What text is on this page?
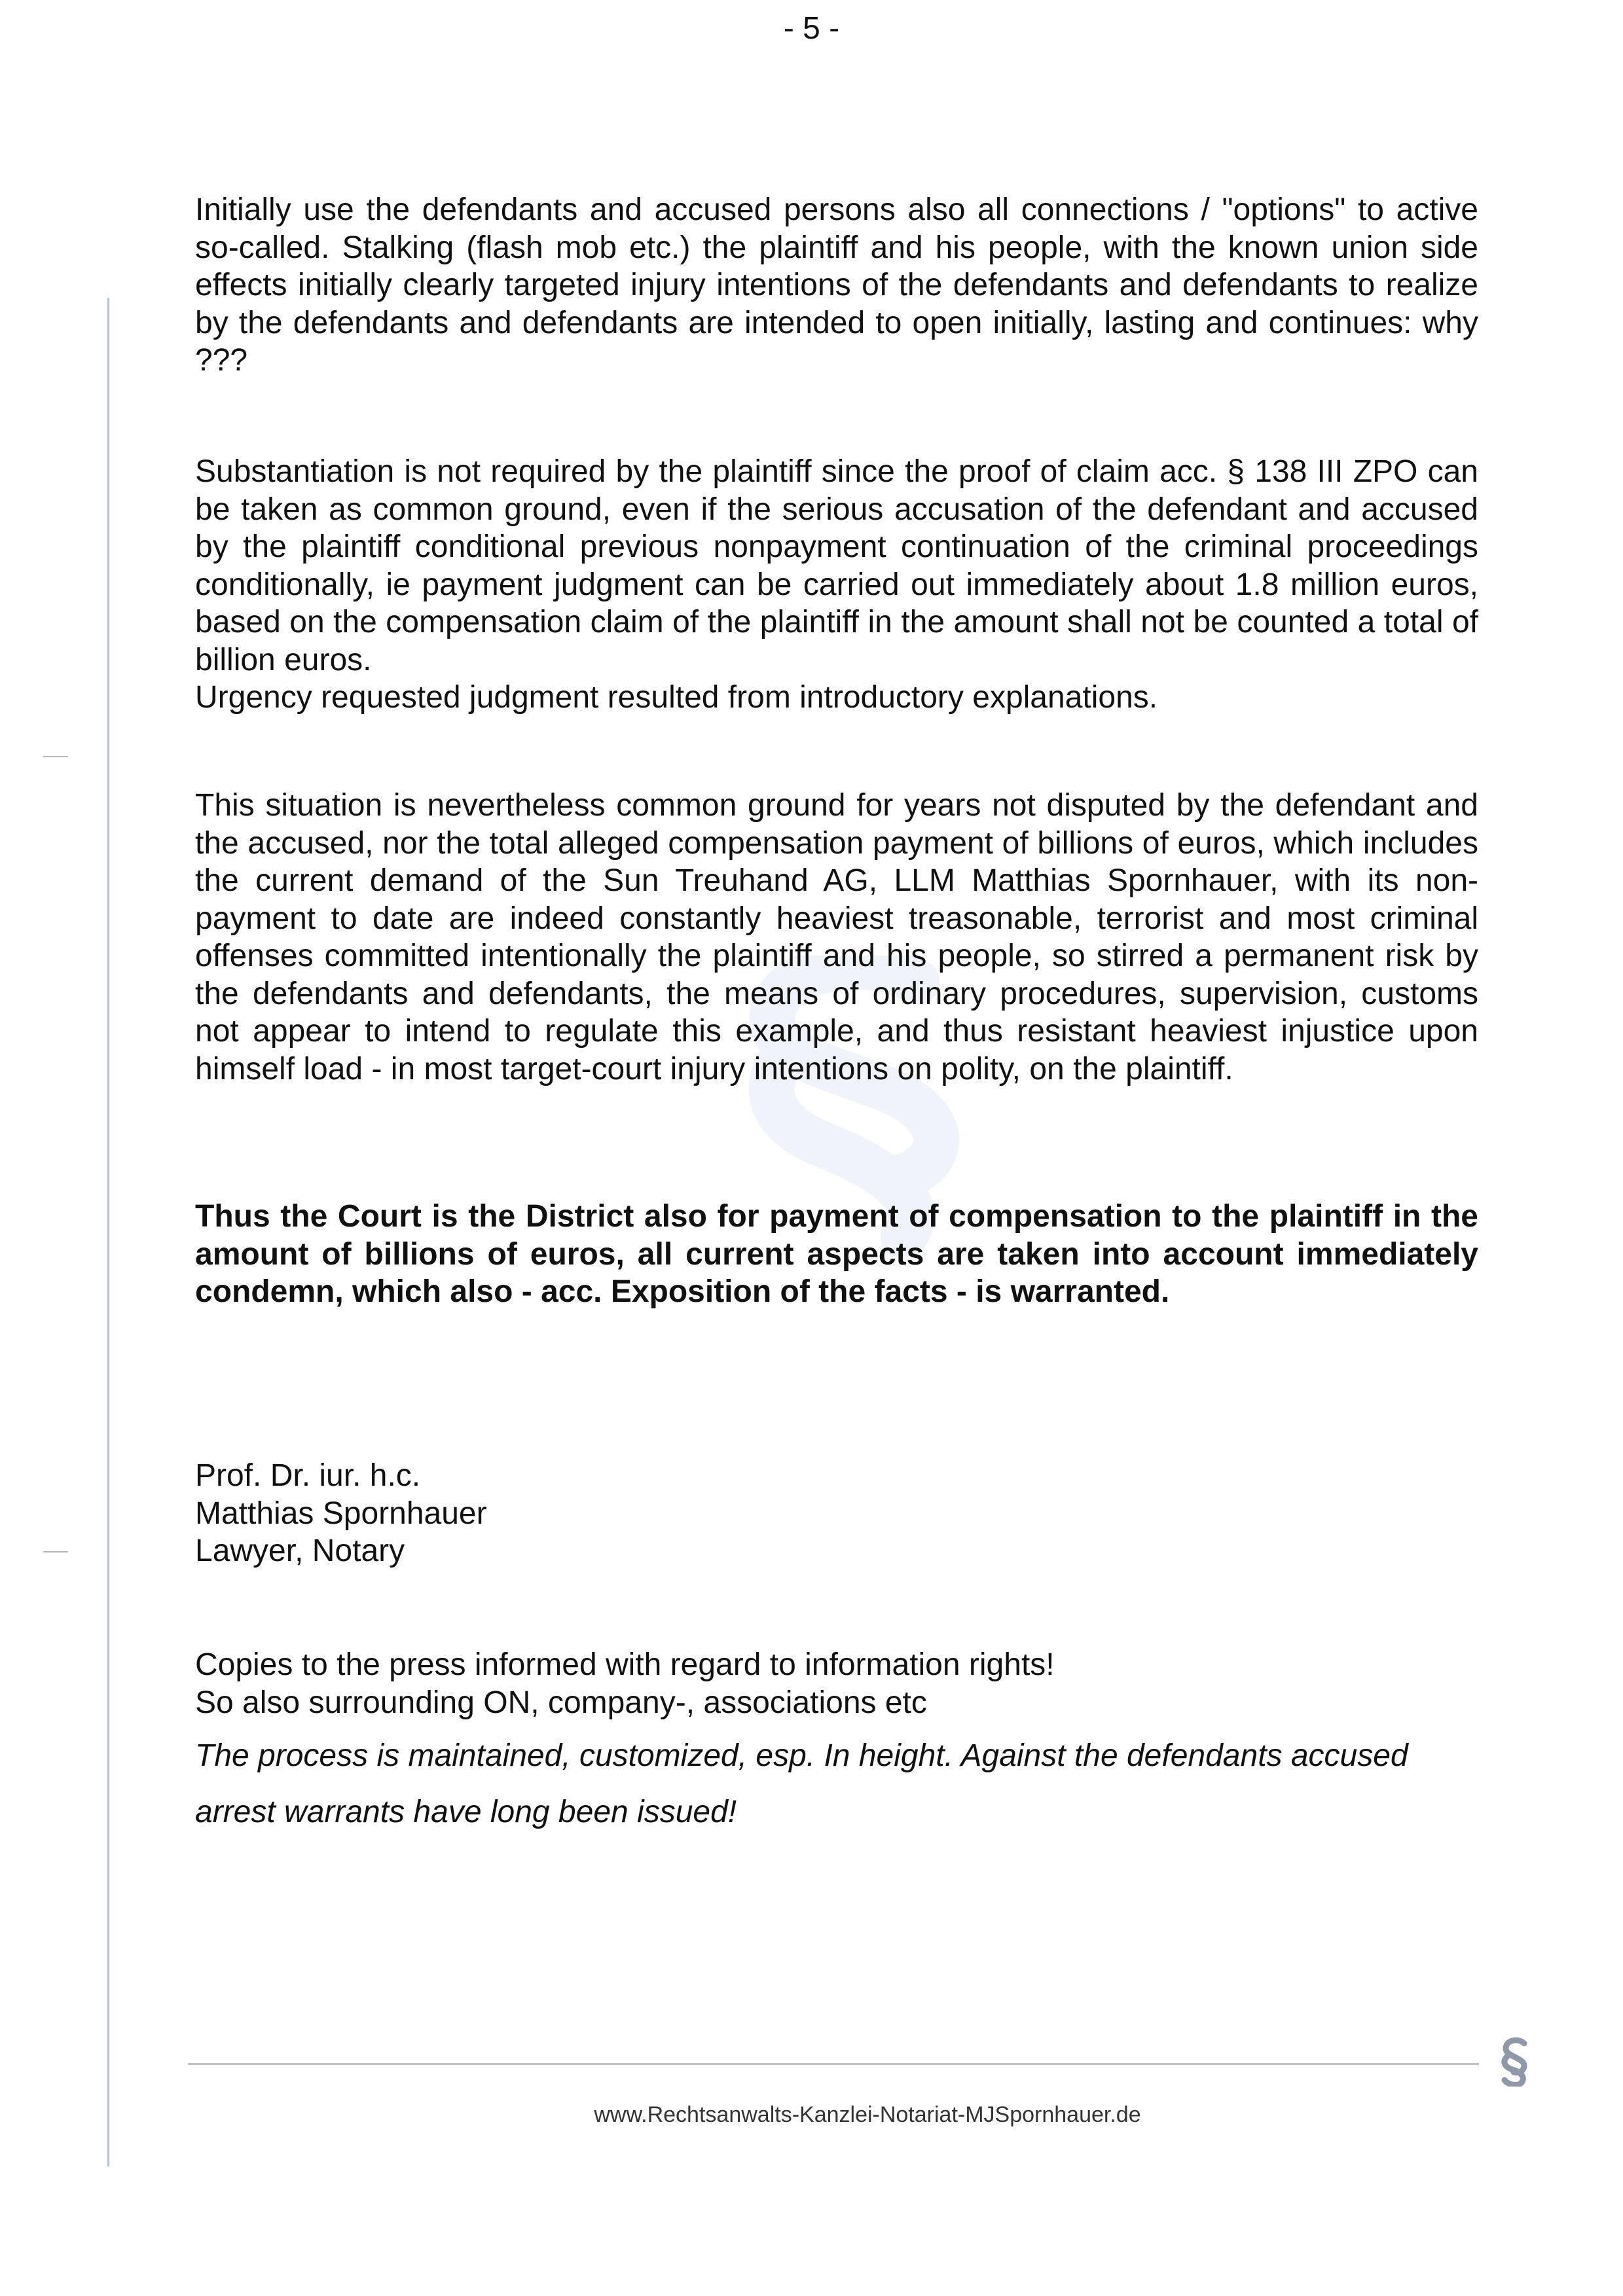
- 5 -

Initially use the defendants and accused persons also all connections / "options" to active so-called. Stalking (flash mob etc.) the plaintiff and his people, with the known union side effects initially clearly targeted injury intentions of the defendants and defendants to realize by the defendants and defendants are intended to open initially, lasting and continues: why ???

Substantiation is not required by the plaintiff since the proof of claim acc. § 138 III ZPO can be taken as common ground, even if the serious accusation of the defendant and accused by the plaintiff conditional previous nonpayment continuation of the criminal proceedings conditionally, ie payment judgment can be carried out immediately about 1.8 million euros, based on the compensation claim of the plaintiff in the amount shall not be counted a total of billion euros.

Urgency requested judgment resulted from introductory explanations.

This situation is nevertheless common ground for years not disputed by the defendant and the accused, nor the total alleged compensation payment of billions of euros, which includes the current demand of the Sun Treuhand AG, LLM Matthias Spornhauer, with its non-payment to date are indeed constantly heaviest treasonable, terrorist and most criminal offenses committed intentionally the plaintiff and his people, so stirred a permanent risk by the defendants and defendants, the means of ordinary procedures, supervision, customs not appear to intend to regulate this example, and thus resistant heaviest injustice upon himself load - in most target-court injury intentions on polity, on the plaintiff.

Thus the Court is the District also for payment of compensation to the plaintiff in the amount of billions of euros, all current aspects are taken into account immediately condemn, which also - acc. Exposition of the facts - is warranted.

Prof. Dr. iur. h.c.
Matthias Spornhauer
Lawyer, Notary
Copies to the press informed with regard to information rights!
So also surrounding ON, company-, associations etc
The process is maintained, customized, esp. In height. Against the defendants accused
arrest warrants have long been issued!
www.Rechtsanwalts-Kanzlei-Notariat-MJSpornhauer.de
